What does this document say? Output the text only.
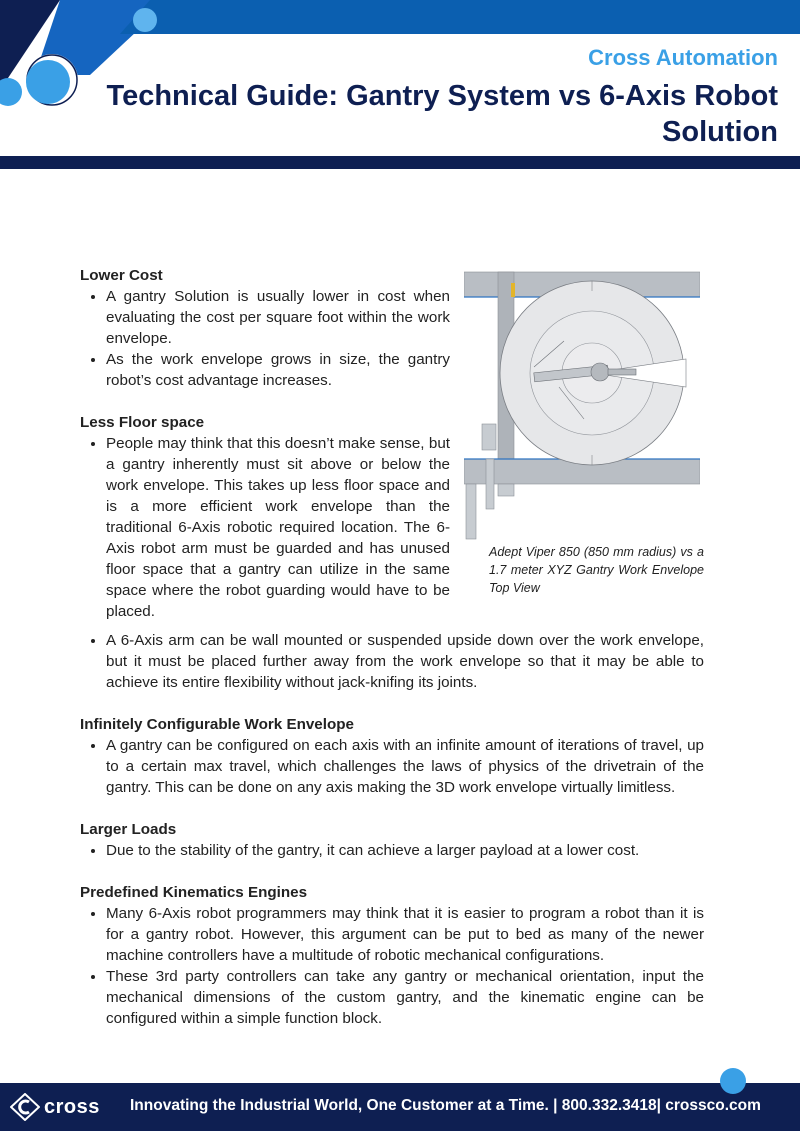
Cross Automation
Technical Guide: Gantry System vs 6-Axis Robot Solution
Adept Viper 850 (850 mm radius) vs a 1.7 meter XYZ Gantry Work Envelope Top View

Lower Cost

• A gantry Solution is usually lower in cost when evaluating the cost per square foot within the work envelope.
• As the work envelope grows in size, the gantry robot’s cost advantage increases.

Less Floor space

• People may think that this doesn’t make sense, but a gantry inherently must sit above or below the work envelope. This takes up less floor space and is a more efficient work envelope than the traditional 6-Axis robotic required location. The 6-Axis robot arm must be guarded and has unused floor space that a gantry can utilize in the same space where the robot guarding would have to be placed.
• A 6-Axis arm can be wall mounted or suspended upside down over the work envelope, but it must be placed further away from the work envelope so that it may be able to achieve its entire flexibility without jack-knifing its joints.

Infinitely Configurable Work Envelope

• A gantry can be configured on each axis with an infinite amount of iterations of travel, up to a certain max travel, which challenges the laws of physics of the drivetrain of the gantry. This can be done on any axis making the 3D work envelope virtually limitless.

Larger Loads

• Due to the stability of the gantry, it can achieve a larger payload at a lower cost.

Predefined Kinematics Engines

• Many 6-Axis robot programmers may think that it is easier to program a robot than it is for a gantry robot. However, this argument can be put to bed as many of the newer machine controllers have a multitude of robotic mechanical configurations.
• These 3rd party controllers can take any gantry or mechanical orientation, input the mechanical dimensions of the custom gantry, and the kinematic engine can be configured within a simple function block.
cross Innovating the Industrial World, One Customer at a Time. | 800.332.3418| crossco.com
